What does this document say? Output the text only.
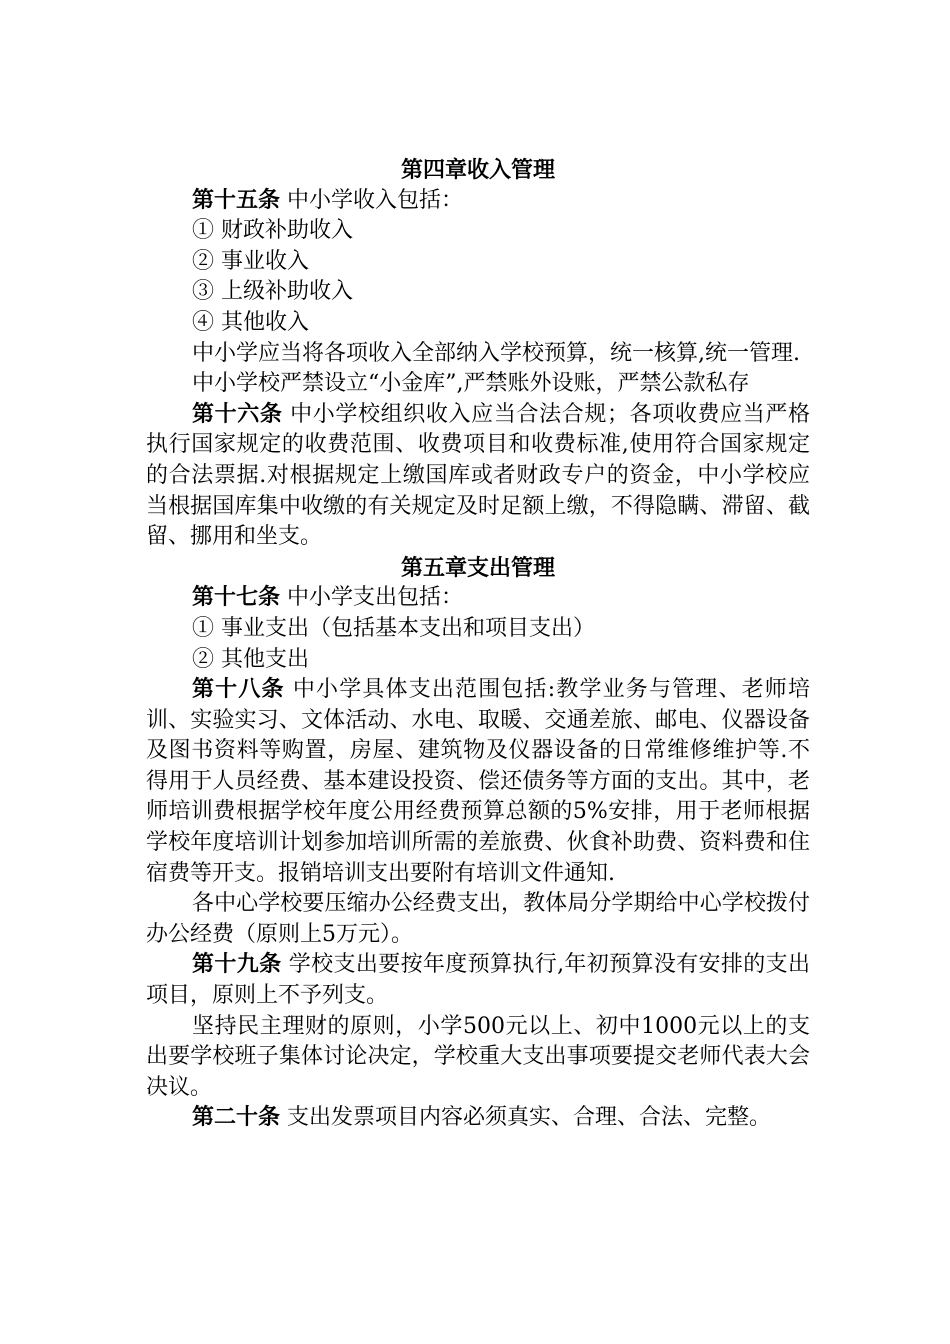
第四章收入管理

第十五条 中小学收入包括：

① 财政补助收入

② 事业收入

③ 上级补助收入

④ 其他收入

中小学应当将各项收入全部纳入学校预算，统一核算,统一管理.

中小学校严禁设立“小金库”,严禁账外设账，严禁公款私存

第十六条 中小学校组织收入应当合法合规；各项收费应当严格执行国家规定的收费范围、收费项目和收费标准,使用符合国家规定的合法票据.对根据规定上缴国库或者财政专户的资金，中小学校应当根据国库集中收缴的有关规定及时足额上缴，不得隐瞒、滞留、截留、挪用和坐支。

第五章支出管理

第十七条 中小学支出包括：

① 事业支出（包括基本支出和项目支出）

② 其他支出

第十八条 中小学具体支出范围包括:教学业务与管理、老师培训、实验实习、文体活动、水电、取暖、交通差旅、邮电、仪器设备及图书资料等购置，房屋、建筑物及仪器设备的日常维修维护等.不得用于人员经费、基本建设投资、偿还债务等方面的支出。其中，老师培训费根据学校年度公用经费预算总额的5%安排，用于老师根据学校年度培训计划参加培训所需的差旅费、伙食补助费、资料费和住宿费等开支。报销培训支出要附有培训文件通知.

各中心学校要压缩办公经费支出，教体局分学期给中心学校拨付办公经费（原则上5万元）。

第十九条 学校支出要按年度预算执行,年初预算没有安排的支出项目，原则上不予列支。

坚持民主理财的原则，小学500元以上、初中1000元以上的支出要学校班子集体讨论决定，学校重大支出事项要提交老师代表大会决议。

第二十条 支出发票项目内容必须真实、合理、合法、完整。
